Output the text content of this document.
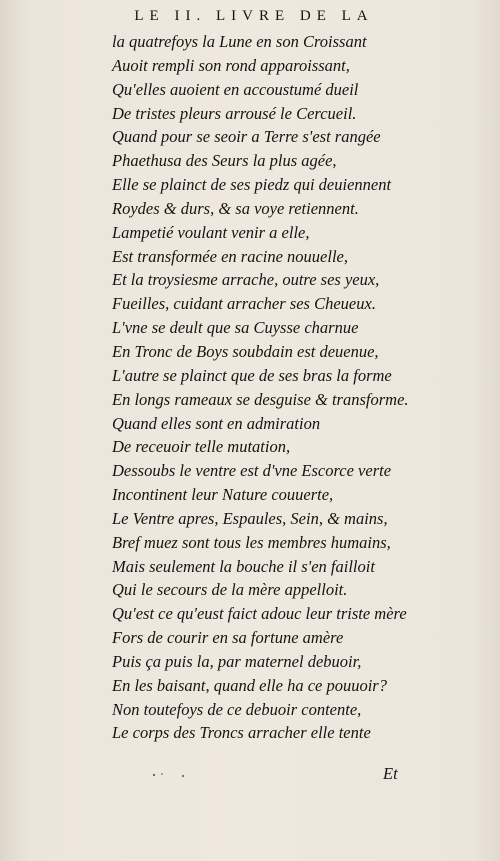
LE II. LIVRE DE LA
la quatrefoys la Lune en son Croissant
Auoit rempli son rond apparoissant,
Qu'elles auoient en accoustumé dueil
De tristes pleurs arrousé le Cercueil.
Quand pour se seoir a Terre s'est rangée
Phaethusa des Seurs la plus agée,
Elle se plainct de ses piedz qui deuiennent
Roydes & durs, & sa voye retiennent.
Lampetié voulant venir a elle,
Est transformée en racine nouuelle,
Et la troysiesme arrache, outre ses yeux,
Fueilles, cuidant arracher ses Cheueux.
L'vne se deult que sa Cuysse charnue
En Tronc de Boys soubdain est deuenue,
L'autre se plainct que de ses bras la forme
En longs rameaux se desguise & transforme.
Quand elles sont en admiration
De receuoir telle mutation,
Dessoubs le ventre est d'vne Escorce verte
Incontinent leur Nature couuerte,
Le Ventre apres, Espaules, Sein, & mains,
Bref muez sont tous les membres humains,
Mais seulement la bouche il s'en failloit
Qui le secours de la mère appelloit.
Qu'est ce qu'eust faict adouc leur triste mère
Fors de courir en sa fortune amère
Puis ça puis la, par maternel debuoir,
En les baisant, quand elle ha ce pouuoir?
Non toutefoys de ce debuoir contente,
Le corps des Troncs arracher elle tente
Et
